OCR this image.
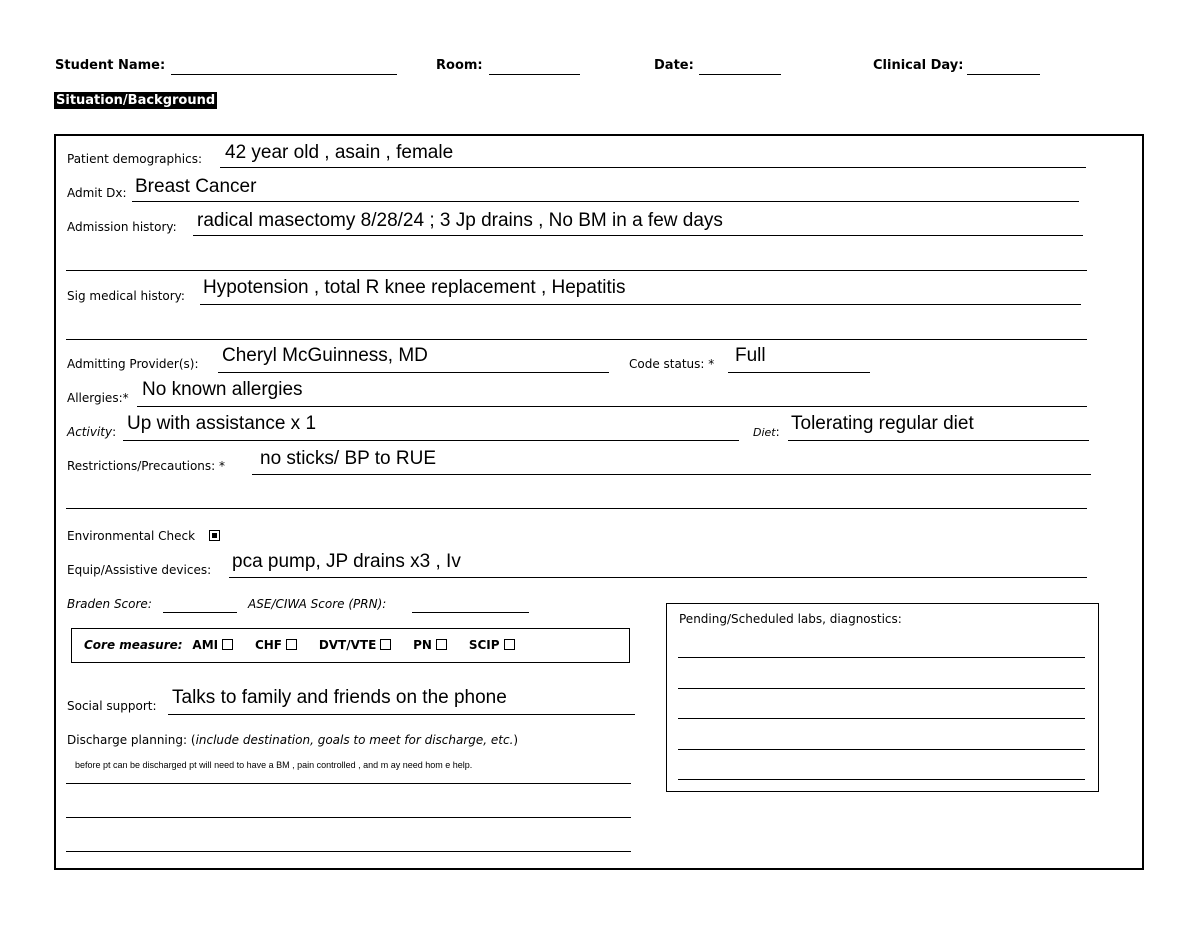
Student Name:	Room:	Date:	Clinical Day:
Situation/Background
Patient demographics: 42 year old , asain , female
Admit Dx: Breast Cancer
Admission history: radical masectomy 8/28/24 ; 3 Jp drains , No BM in a few days
Sig medical history: Hypotension , total R knee replacement , Hepatitis
Admitting Provider(s): Cheryl McGuinness, MD	Code status: * Full
Allergies:* No known allergies
Activity: Up with assistance x 1	Diet: Tolerating regular diet
Restrictions/Precautions: * no sticks/ BP to RUE
Environmental Check
Equip/Assistive devices: pca pump, JP drains x3 , Iv
Braden Score:	ASE/CIWA Score (PRN):
Core measure: AMI	CHF	DVT/VTE	PN	SCIP
Social support: Talks to family and friends on the phone
Discharge planning: (include destination, goals to meet for discharge, etc.)
before pt can be discharged pt will need to have a BM , pain controlled , and m ay need hom e help.
Pending/Scheduled labs, diagnostics:
